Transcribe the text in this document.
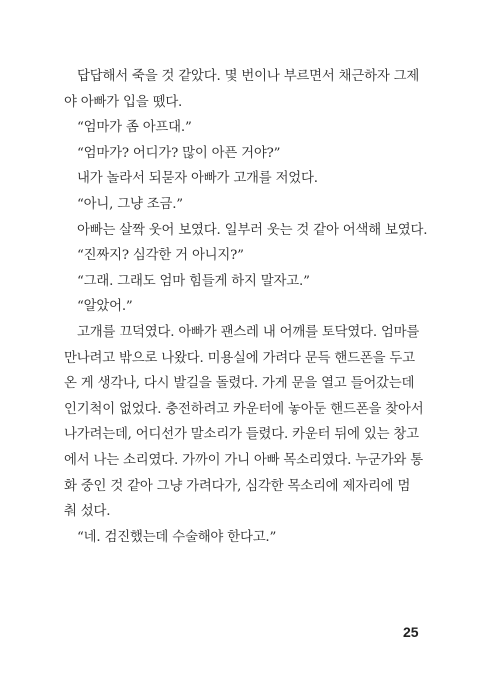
답답해서 죽을 것 같았다. 몇 번이나 부르면서 채근하자 그제
야 아빠가 입을 뗐다.

“엄마가 좀 아프대.”

“엄마가? 어디가? 많이 아픈 거야?”

내가 놀라서 되묻자 아빠가 고개를 저었다.

“아니, 그냥 조금.”

아빠는 살짝 웃어 보였다. 일부러 웃는 것 같아 어색해 보였다.

“진짜지? 심각한 거 아니지?”

“그래. 그래도 엄마 힘들게 하지 말자고.”

“알았어.”

고개를 끄덕였다. 아빠가 괜스레 내 어깨를 토닥였다. 엄마를
만나려고 밖으로 나왔다. 미용실에 가려다 문득 핸드폰을 두고
온 게 생각나, 다시 발길을 돌렸다. 가게 문을 열고 들어갔는데
인기척이 없었다. 충전하려고 카운터에 놓아둔 핸드폰을 찾아서
나가려는데, 어디선가 말소리가 들렸다. 카운터 뒤에 있는 창고
에서 나는 소리였다. 가까이 가니 아빠 목소리였다. 누군가와 통
화 중인 것 같아 그냥 가려다가, 심각한 목소리에 제자리에 멈
춰 섰다.

“네. 검진했는데 수술해야 한다고.”

25
